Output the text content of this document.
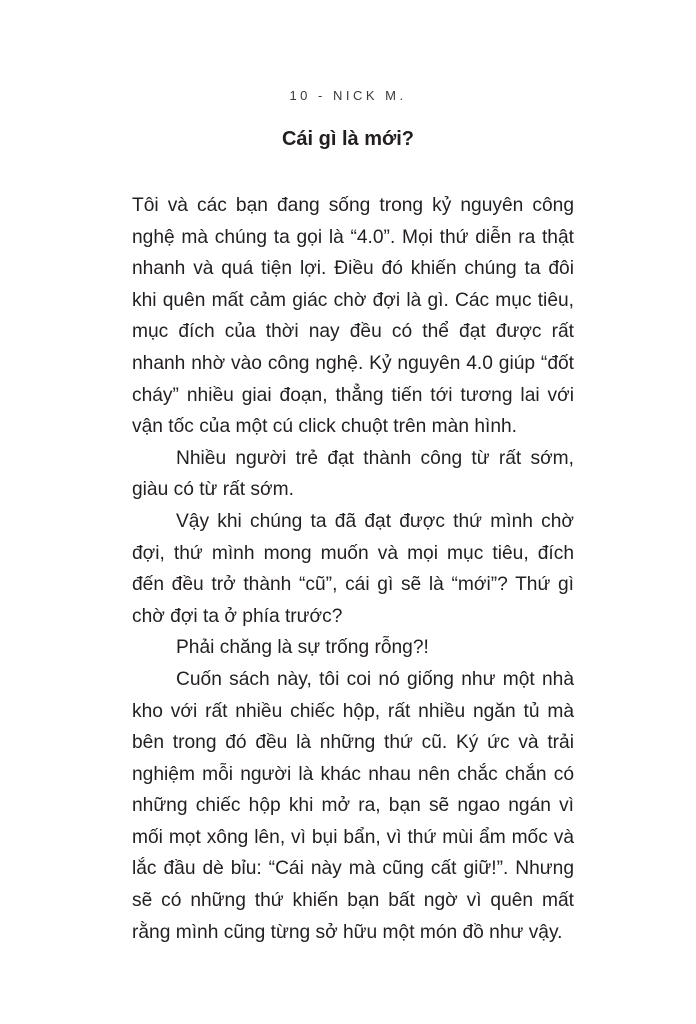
10 - NICK M.
Cái gì là mới?

Tôi và các bạn đang sống trong kỷ nguyên công nghệ mà chúng ta gọi là “4.0”. Mọi thứ diễn ra thật nhanh và quá tiện lợi. Điều đó khiến chúng ta đôi khi quên mất cảm giác chờ đợi là gì. Các mục tiêu, mục đích của thời nay đều có thể đạt được rất nhanh nhờ vào công nghệ. Kỷ nguyên 4.0 giúp “đốt cháy” nhiều giai đoạn, thẳng tiến tới tương lai với vận tốc của một cú click chuột trên màn hình.

Nhiều người trẻ đạt thành công từ rất sớm, giàu có từ rất sớm.

Vậy khi chúng ta đã đạt được thứ mình chờ đợi, thứ mình mong muốn và mọi mục tiêu, đích đến đều trở thành “cũ”, cái gì sẽ là “mới”? Thứ gì chờ đợi ta ở phía trước?

Phải chăng là sự trống rỗng?!

Cuốn sách này, tôi coi nó giống như một nhà kho với rất nhiều chiếc hộp, rất nhiều ngăn tủ mà bên trong đó đều là những thứ cũ. Ký ức và trải nghiệm mỗi người là khác nhau nên chắc chắn có những chiếc hộp khi mở ra, bạn sẽ ngao ngán vì mối mọt xông lên, vì bụi bẩn, vì thứ mùi ẩm mốc và lắc đầu dè bỉu: “Cái này mà cũng cất giữ!”. Nhưng sẽ có những thứ khiến bạn bất ngờ vì quên mất rằng mình cũng từng sở hữu một món đồ như vậy.
